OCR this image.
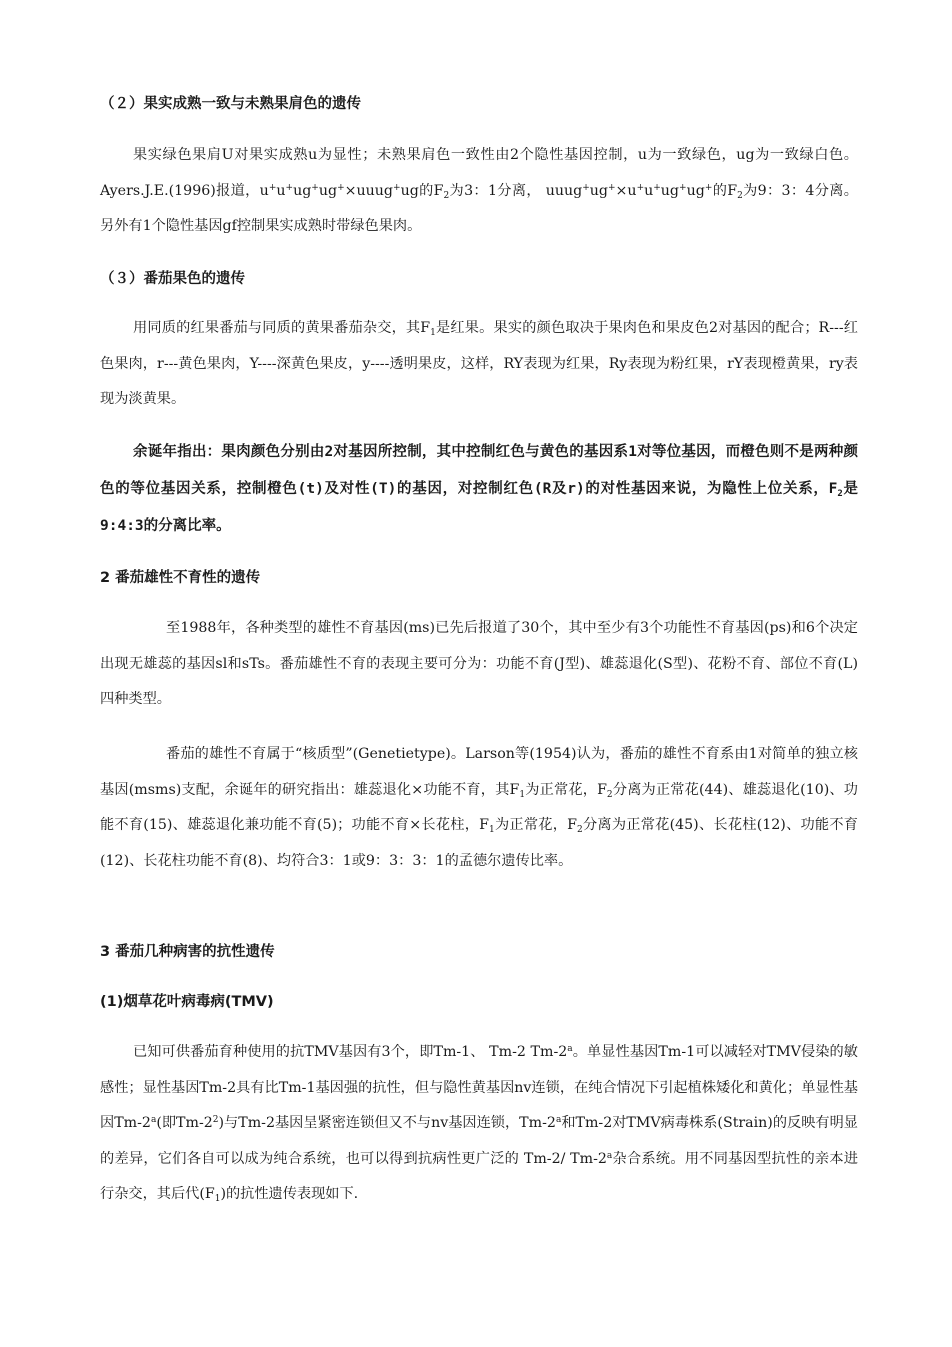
（２）果实成熟一致与未熟果肩色的遗传
果实绿色果肩U对果实成熟u为显性；未熟果肩色一致性由2个隐性基因控制，u为一致绿色，ug为一致绿白色。Ayers.J.E.(1996)报道，u+u+ug+ug+×uuug+ug的$F_2$为3：1分离， uuug+ug+×u+u+ug+ug+的$F_2$为9：3：4分离。另外有1个隐性基因gf控制果实成熟时带绿色果肉。
（３）番茄果色的遗传
用同质的红果番茄与同质的黄果番茄杂交，其$F_1$是红果。果实的颜色取决于果肉色和果皮色2对基因的配合；R---红色果肉，r---黄色果肉，Y----深黄色果皮，y----透明果皮，这样，RY表现为红果，Ry表现为粉红果，rY表现橙黄果，ry表现为淡黄果。
余诞年指出：果肉颜色分别由2对基因所控制，其中控制红色与黄色的基因系1对等位基因，而橙色则不是两种颜色的等位基因关系，控制橙色(t)及对性(T)的基因，对控制红色(R及r)的对性基因来说，为隐性上位关系，$F_2$是9:4:3的分离比率。
2 番茄雄性不育性的遗传
至1988年，各种类型的雄性不育基因(ms)已先后报道了30个，其中至少有3个功能性不育基因(ps)和6个决定出现无雄蕊的基因sl和sTs。番茄雄性不育的表现主要可分为：功能不育(J型)、雄蕊退化(S型)、花粉不育、部位不育(L)四种类型。
番茄的雄性不育属于“核质型”(Genetietype)。Larson等(1954)认为，番茄的雄性不育系由1对简单的独立核基因(msms)支配，余诞年的研究指出：雄蕊退化×功能不育，其$F_1$为正常花，$F_2$分离为正常花(44)、雄蕊退化(10)、功能不育(15)、雄蕊退化兼功能不育(5)；功能不育×长花柱，$F_1$为正常花，$F_2$分离为正常花(45)、长花柱(12)、功能不育(12)、长花柱功能不育(8)、均符合3：1或9：3：3：1的孟德尔遗传比率。
3 番茄几种病害的抗性遗传
(1)烟草花叶病毒病(TMV)
已知可供番茄育种使用的抗TMV基因有3个，即Tm-1、 Tm-2 Tm-2$^a$。单显性基因Tm-1可以减轻对TMV侵染的敏感性；显性基因Tm-2具有比Tm-1基因强的抗性，但与隐性黄基因nv连锁，在纯合情况下引起植株矮化和黄化；单显性基因Tm-2$^a$(即$Tm-2^2$)与Tm-2基因呈紧密连锁但又不与nv基因连锁，Tm-2$^a$和Tm-2对TMV病毒株系(Strain)的反映有明显的差异，它们各自可以成为纯合系统，也可以得到抗病性更广泛的 Tm-2/ Tm-2$^a$杂合系统。用不同基因型抗性的亲本进行杂交，其后代$(F_1)$的抗性遗传表现如下.
